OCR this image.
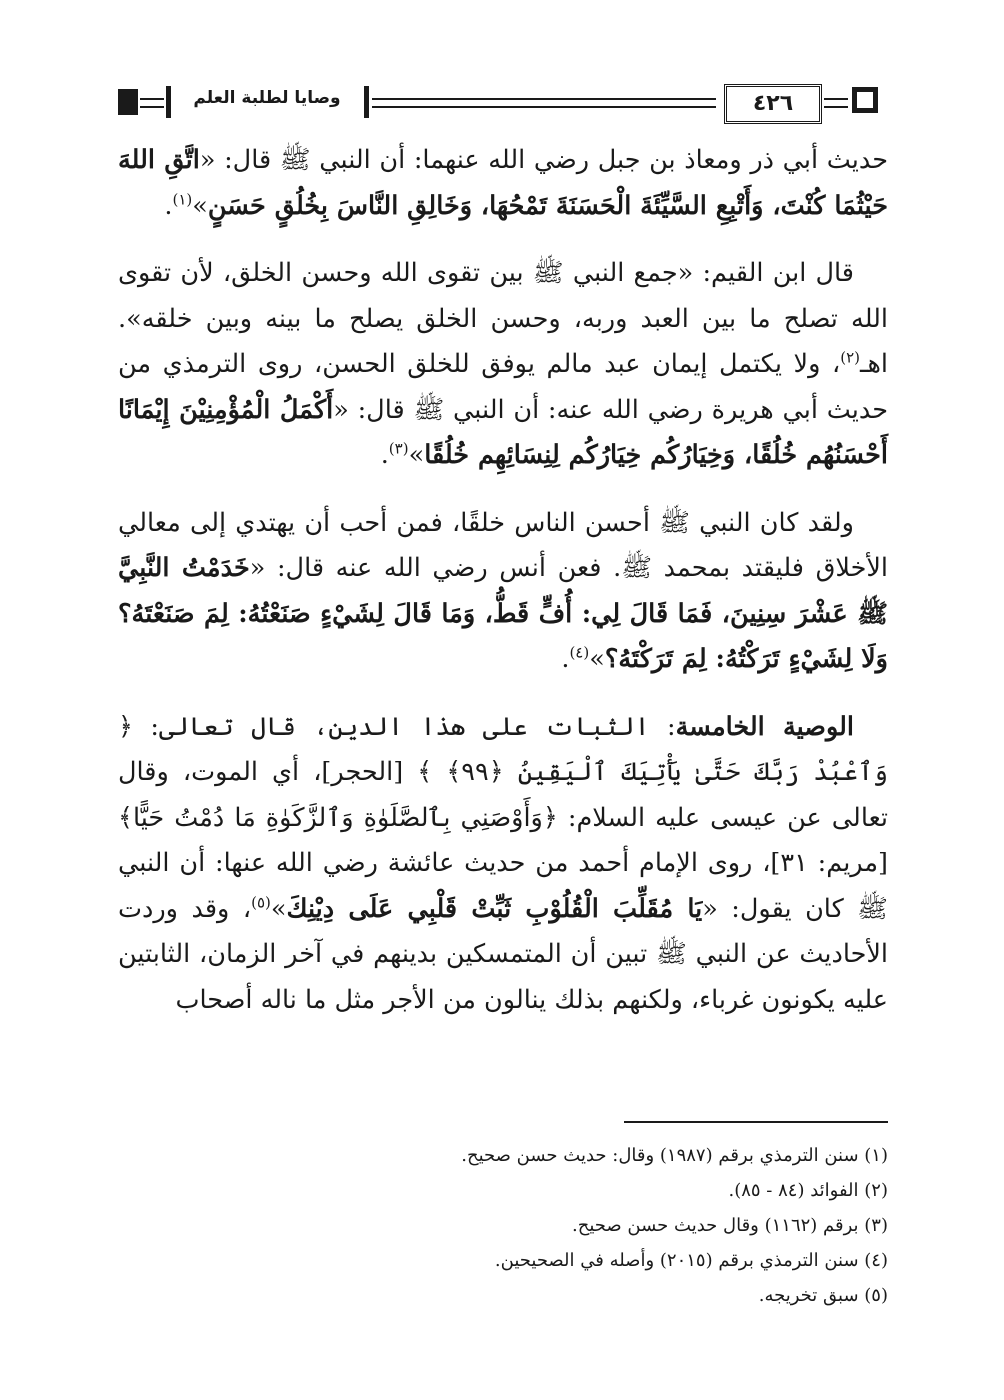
وصايا لطلبة العلم	٤٢٦

حديث أبي ذر ومعاذ بن جبل رضي الله عنهما: أن النبي ﷺ قال: «اتَّقِ اللهَ حَيْثُمَا كُنْتَ، وَأَتْبِعِ السَّيِّئَةَ الْحَسَنَةَ تَمْحُهَا، وَخَالِقِ النَّاسَ بِخُلُقٍ حَسَنٍ»$^{(١)}$.

قال ابن القيم: «جمع النبي ﷺ بين تقوى الله وحسن الخلق، لأن تقوى الله تصلح ما بين العبد وربه، وحسن الخلق يصلح ما بينه وبين خلقه». اهـ$^{(٢)}$، ولا يكتمل إيمان عبد مالم يوفق للخلق الحسن، روى الترمذي من حديث أبي هريرة رضي الله عنه: أن النبي ﷺ قال: «أَكْمَلُ الْمُؤْمِنِيْنَ إِيْمَانًا أَحْسَنُهُم خُلُقًا، وَخِيَارُكُم خِيَارُكُم لِنِسَائِهِم خُلُقًا»$^{(٣)}$.

ولقد كان النبي ﷺ أحسن الناس خلقًا، فمن أحب أن يهتدي إلى معالي الأخلاق فليقتد بمحمد ﷺ. فعن أنس رضي الله عنه قال: «خَدَمْتُ النَّبِيَّ ﷺ عَشْرَ سِنِينَ، فَمَا قَالَ لِي: أُفٍّ قَطُّ، وَمَا قَالَ لِشَيْءٍ صَنَعْتُهُ: لِمَ صَنَعْتَهُ؟ وَلَا لِشَيْءٍ تَرَكْتُهُ: لِمَ تَرَكْتَهُ؟»$^{(٤)}$.

الوصية الخامسة: الثبات على هذا الدين، قال تعالى: ﴿ وَٱعْبُدْ رَبَّكَ حَتَّىٰ يَأْتِيَكَ ٱلْيَقِينُ ﴿٩٩﴾ ﴾ [الحجر]، أي الموت، وقال تعالى عن عيسى عليه السلام: ﴿وَأَوْصَنِي بِٱلصَّلَوٰةِ وَٱلزَّكَوٰةِ مَا دُمْتُ حَيًّا﴾ [مريم: ٣١]، روى الإمام أحمد من حديث عائشة رضي الله عنها: أن النبي ﷺ كان يقول: «يَا مُقَلِّبَ الْقُلُوْبِ ثَبِّتْ قَلْبِي عَلَى دِيْنِكَ»$^{(٥)}$، وقد وردت الأحاديث عن النبي ﷺ تبين أن المتمسكين بدينهم في آخر الزمان، الثابتين عليه يكونون غرباء، ولكنهم بذلك ينالون من الأجر مثل ما ناله أصحاب

(١) سنن الترمذي برقم (١٩٨٧) وقال: حديث حسن صحيح.
(٢) الفوائد (٨٤ - ٨٥).
(٣) برقم (١١٦٢) وقال حديث حسن صحيح.
(٤) سنن الترمذي برقم (٢٠١٥) وأصله في الصحيحين.
(٥) سبق تخريجه.
